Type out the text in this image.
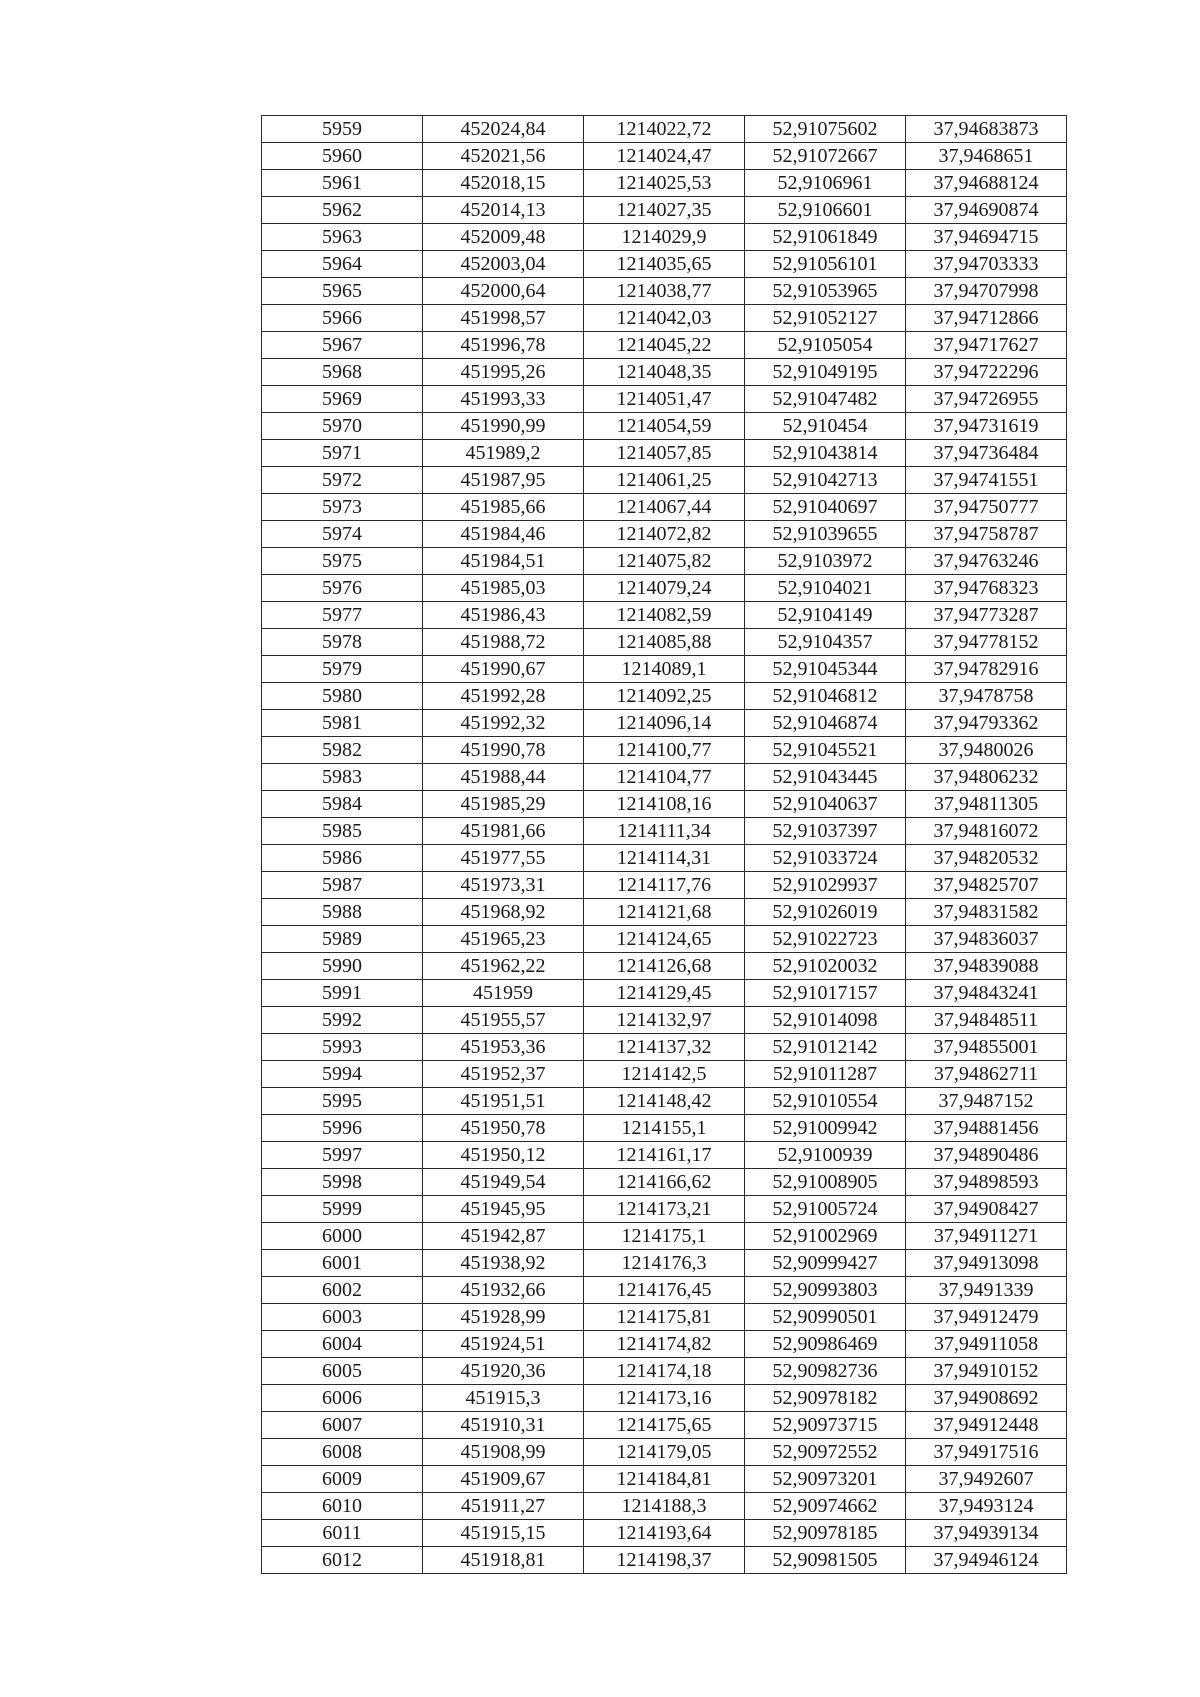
5959	452024,84	1214022,72	52,91075602	37,94683873
5960	452021,56	1214024,47	52,91072667	37,9468651
5961	452018,15	1214025,53	52,9106961	37,94688124
5962	452014,13	1214027,35	52,9106601	37,94690874
5963	452009,48	1214029,9	52,91061849	37,94694715
5964	452003,04	1214035,65	52,91056101	37,94703333
5965	452000,64	1214038,77	52,91053965	37,94707998
5966	451998,57	1214042,03	52,91052127	37,94712866
5967	451996,78	1214045,22	52,9105054	37,94717627
5968	451995,26	1214048,35	52,91049195	37,94722296
5969	451993,33	1214051,47	52,91047482	37,94726955
5970	451990,99	1214054,59	52,910454	37,94731619
5971	451989,2	1214057,85	52,91043814	37,94736484
5972	451987,95	1214061,25	52,91042713	37,94741551
5973	451985,66	1214067,44	52,91040697	37,94750777
5974	451984,46	1214072,82	52,91039655	37,94758787
5975	451984,51	1214075,82	52,9103972	37,94763246
5976	451985,03	1214079,24	52,9104021	37,94768323
5977	451986,43	1214082,59	52,9104149	37,94773287
5978	451988,72	1214085,88	52,9104357	37,94778152
5979	451990,67	1214089,1	52,91045344	37,94782916
5980	451992,28	1214092,25	52,91046812	37,9478758
5981	451992,32	1214096,14	52,91046874	37,94793362
5982	451990,78	1214100,77	52,91045521	37,9480026
5983	451988,44	1214104,77	52,91043445	37,94806232
5984	451985,29	1214108,16	52,91040637	37,94811305
5985	451981,66	1214111,34	52,91037397	37,94816072
5986	451977,55	1214114,31	52,91033724	37,94820532
5987	451973,31	1214117,76	52,91029937	37,94825707
5988	451968,92	1214121,68	52,91026019	37,94831582
5989	451965,23	1214124,65	52,91022723	37,94836037
5990	451962,22	1214126,68	52,91020032	37,94839088
5991	451959	1214129,45	52,91017157	37,94843241
5992	451955,57	1214132,97	52,91014098	37,94848511
5993	451953,36	1214137,32	52,91012142	37,94855001
5994	451952,37	1214142,5	52,91011287	37,94862711
5995	451951,51	1214148,42	52,91010554	37,9487152
5996	451950,78	1214155,1	52,91009942	37,94881456
5997	451950,12	1214161,17	52,9100939	37,94890486
5998	451949,54	1214166,62	52,91008905	37,94898593
5999	451945,95	1214173,21	52,91005724	37,94908427
6000	451942,87	1214175,1	52,91002969	37,94911271
6001	451938,92	1214176,3	52,90999427	37,94913098
6002	451932,66	1214176,45	52,90993803	37,9491339
6003	451928,99	1214175,81	52,90990501	37,94912479
6004	451924,51	1214174,82	52,90986469	37,94911058
6005	451920,36	1214174,18	52,90982736	37,94910152
6006	451915,3	1214173,16	52,90978182	37,94908692
6007	451910,31	1214175,65	52,90973715	37,94912448
6008	451908,99	1214179,05	52,90972552	37,94917516
6009	451909,67	1214184,81	52,90973201	37,9492607
6010	451911,27	1214188,3	52,90974662	37,9493124
6011	451915,15	1214193,64	52,90978185	37,94939134
6012	451918,81	1214198,37	52,90981505	37,94946124
